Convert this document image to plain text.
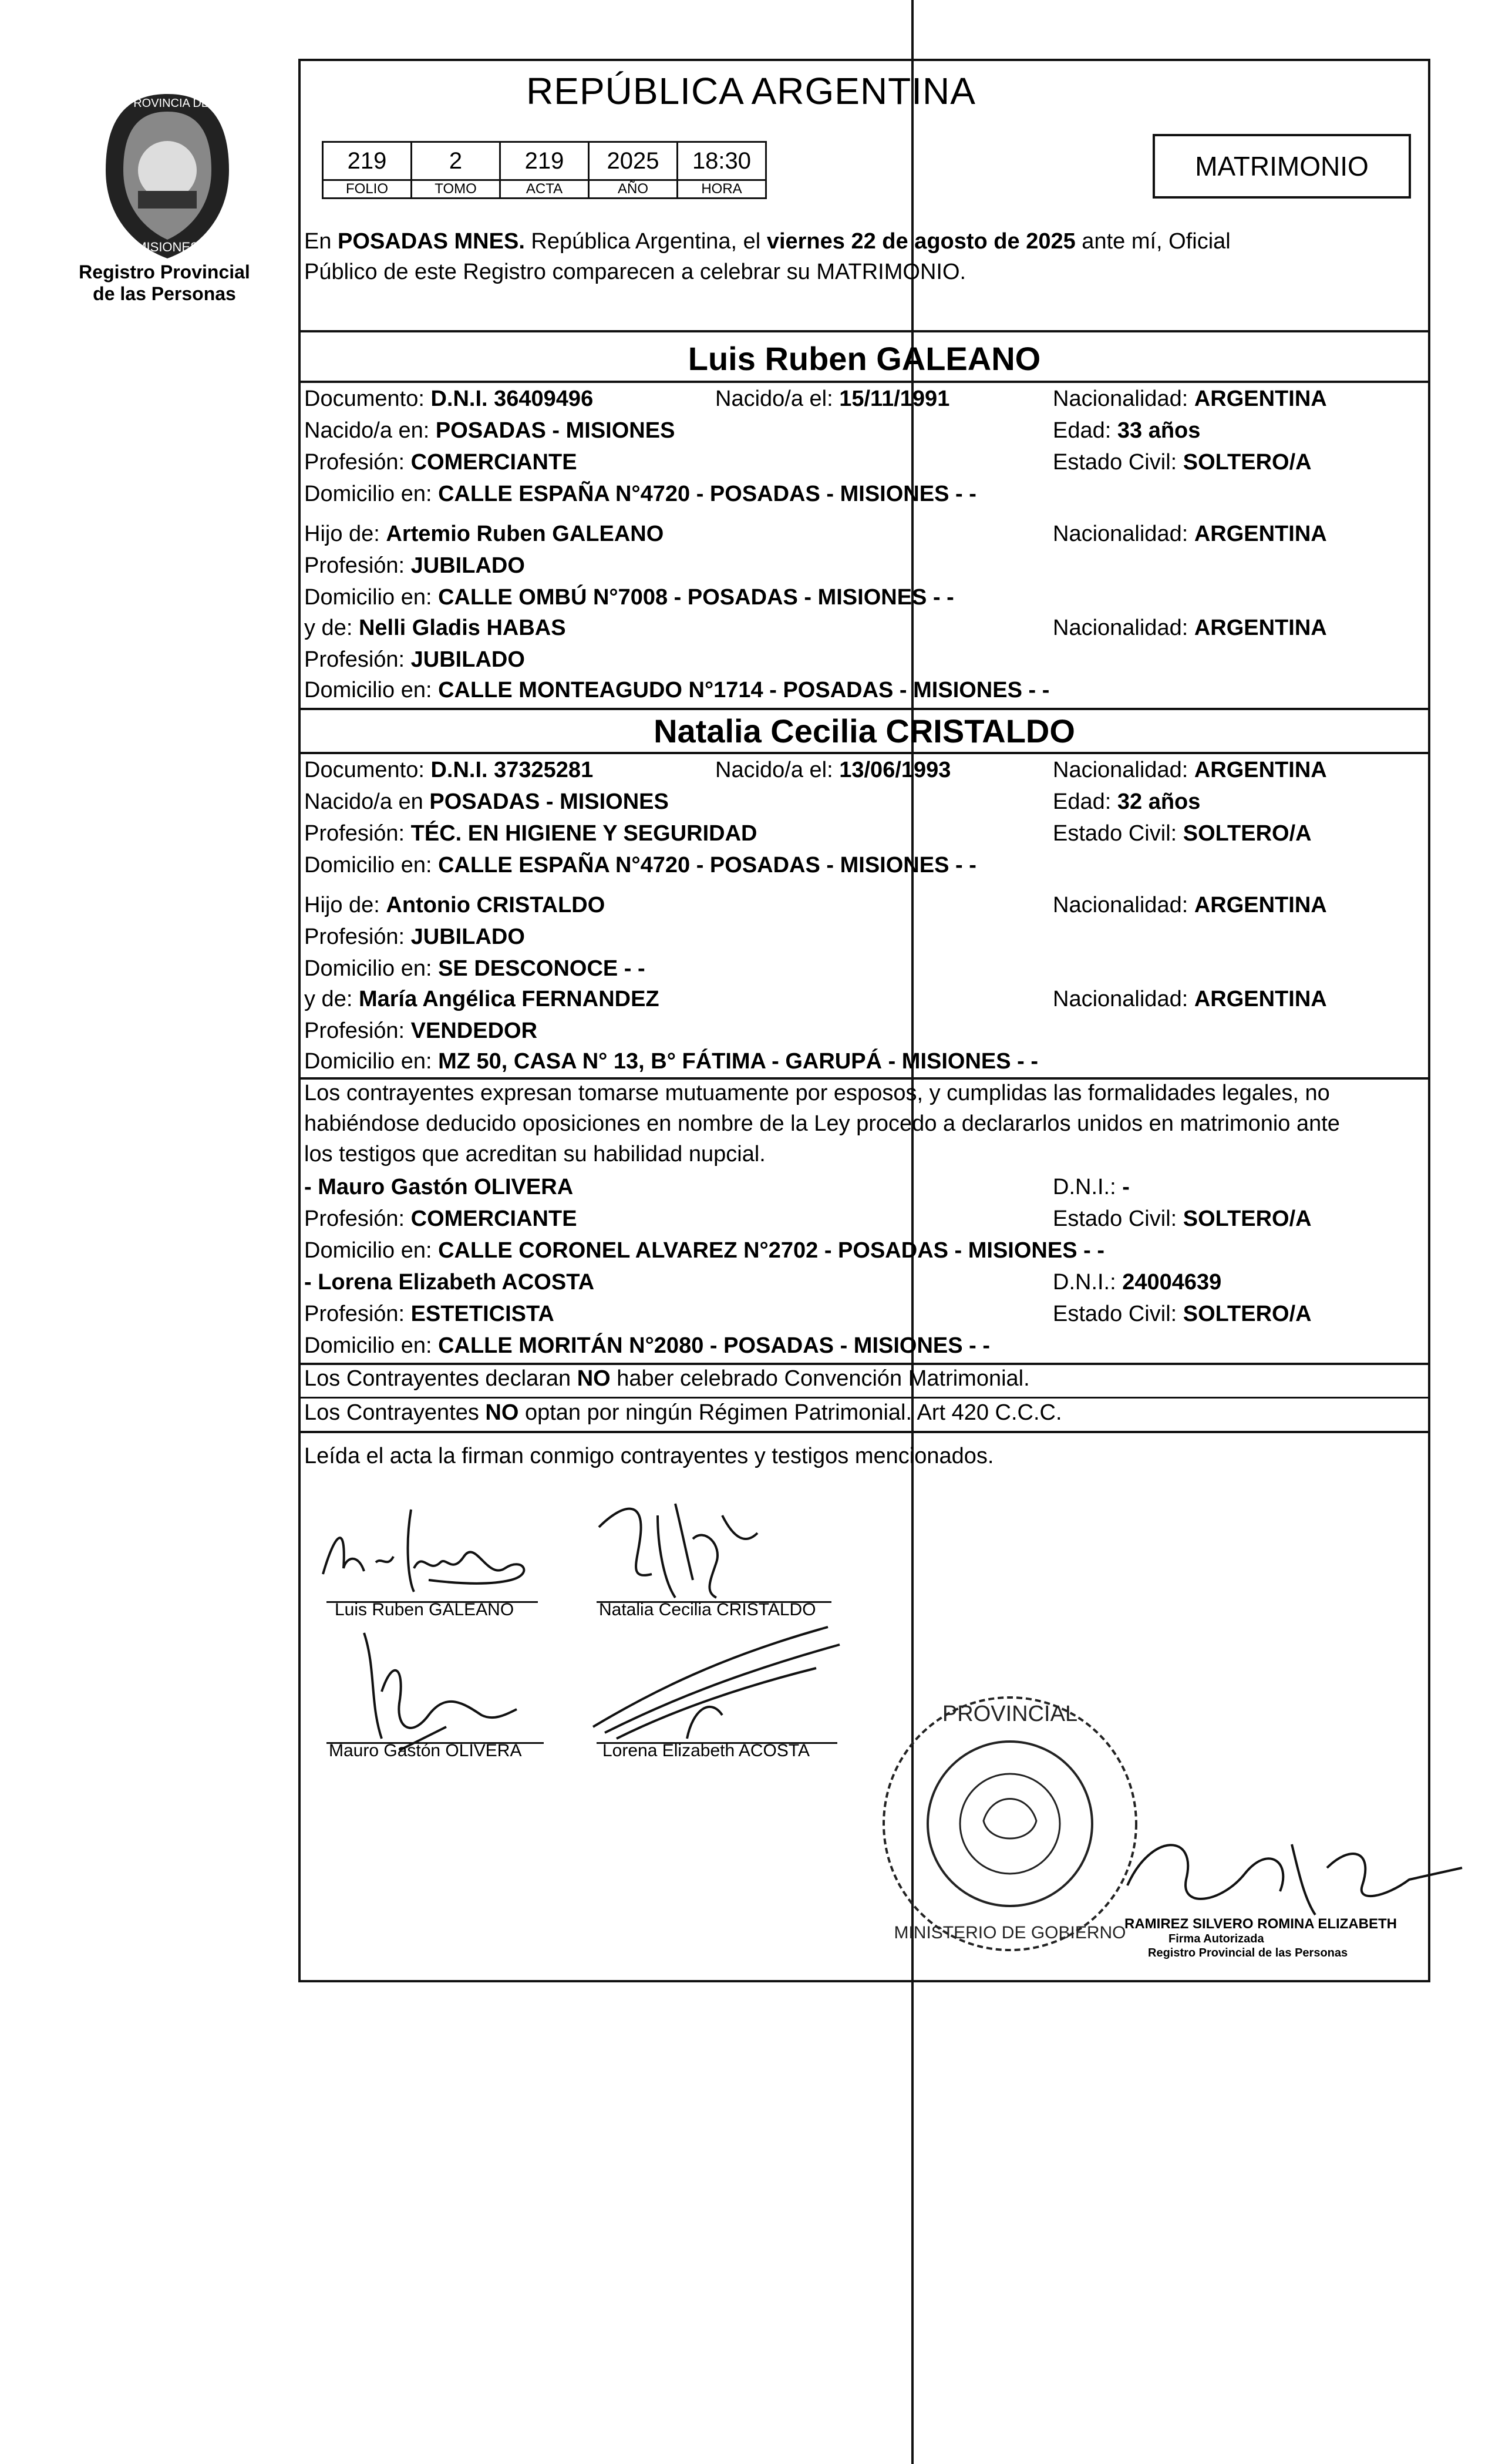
PROVINCIA DE
MISIONES
Registro Provincial
de las Personas
REPÚBLICA ARGENTINA
219	2	219	2025	18:30
FOLIO	TOMO	ACTA	AÑO	HORA
MATRIMONIO
En POSADAS MNES. República Argentina, el viernes 22 de agosto de 2025 ante mí, Oficial
Público de este Registro comparecen a celebrar su MATRIMONIO.
Luis Ruben GALEANO
Documento: D.N.I. 36409496	Nacido/a el: 15/11/1991	Nacionalidad: ARGENTINA
Nacido/a en: POSADAS - MISIONES	Edad: 33 años
Profesión: COMERCIANTE	Estado Civil: SOLTERO/A
Domicilio en: CALLE ESPAÑA N°4720 - POSADAS - MISIONES - -
Hijo de: Artemio Ruben GALEANO	Nacionalidad: ARGENTINA
Profesión: JUBILADO
Domicilio en: CALLE OMBÚ N°7008 - POSADAS - MISIONES - -
y de: Nelli Gladis HABAS	Nacionalidad: ARGENTINA
Profesión: JUBILADO
Domicilio en: CALLE MONTEAGUDO N°1714 - POSADAS - MISIONES - -
Natalia Cecilia CRISTALDO
Documento: D.N.I. 37325281	Nacido/a el: 13/06/1993	Nacionalidad: ARGENTINA
Nacido/a en POSADAS - MISIONES	Edad: 32 años
Profesión: TÉC. EN HIGIENE Y SEGURIDAD	Estado Civil: SOLTERO/A
Domicilio en: CALLE ESPAÑA N°4720 - POSADAS - MISIONES - -
Hijo de: Antonio CRISTALDO	Nacionalidad: ARGENTINA
Profesión: JUBILADO
Domicilio en: SE DESCONOCE - -
y de: María Angélica FERNANDEZ	Nacionalidad: ARGENTINA
Profesión: VENDEDOR
Domicilio en: MZ 50, CASA N° 13, B° FÁTIMA - GARUPÁ - MISIONES - -
Los contrayentes expresan tomarse mutuamente por esposos, y cumplidas las formalidades legales, no
habiéndose deducido oposiciones en nombre de la Ley procedo a declararlos unidos en matrimonio ante
los testigos que acreditan su habilidad nupcial.
- Mauro Gastón OLIVERA	D.N.I.: -
Profesión: COMERCIANTE	Estado Civil: SOLTERO/A
Domicilio en: CALLE CORONEL ALVAREZ N°2702 - POSADAS - MISIONES - -
- Lorena Elizabeth ACOSTA	D.N.I.: 24004639
Profesión: ESTETICISTA	Estado Civil: SOLTERO/A
Domicilio en: CALLE MORITÁN N°2080 - POSADAS - MISIONES - -
Los Contrayentes declaran NO haber celebrado Convención Matrimonial.
Los Contrayentes NO optan por ningún Régimen Patrimonial. Art 420 C.C.C.
Leída el acta la firman conmigo contrayentes y testigos mencionados.
Luis Ruben GALEANO	Natalia Cecilia CRISTALDO
Mauro Gastón OLIVERA	Lorena Elizabeth ACOSTA
PROVINCIAL
MINISTERIO DE GOBIERNO
RAMIREZ SILVERO ROMINA ELIZABETH
Firma Autorizada
Registro Provincial de las Personas
